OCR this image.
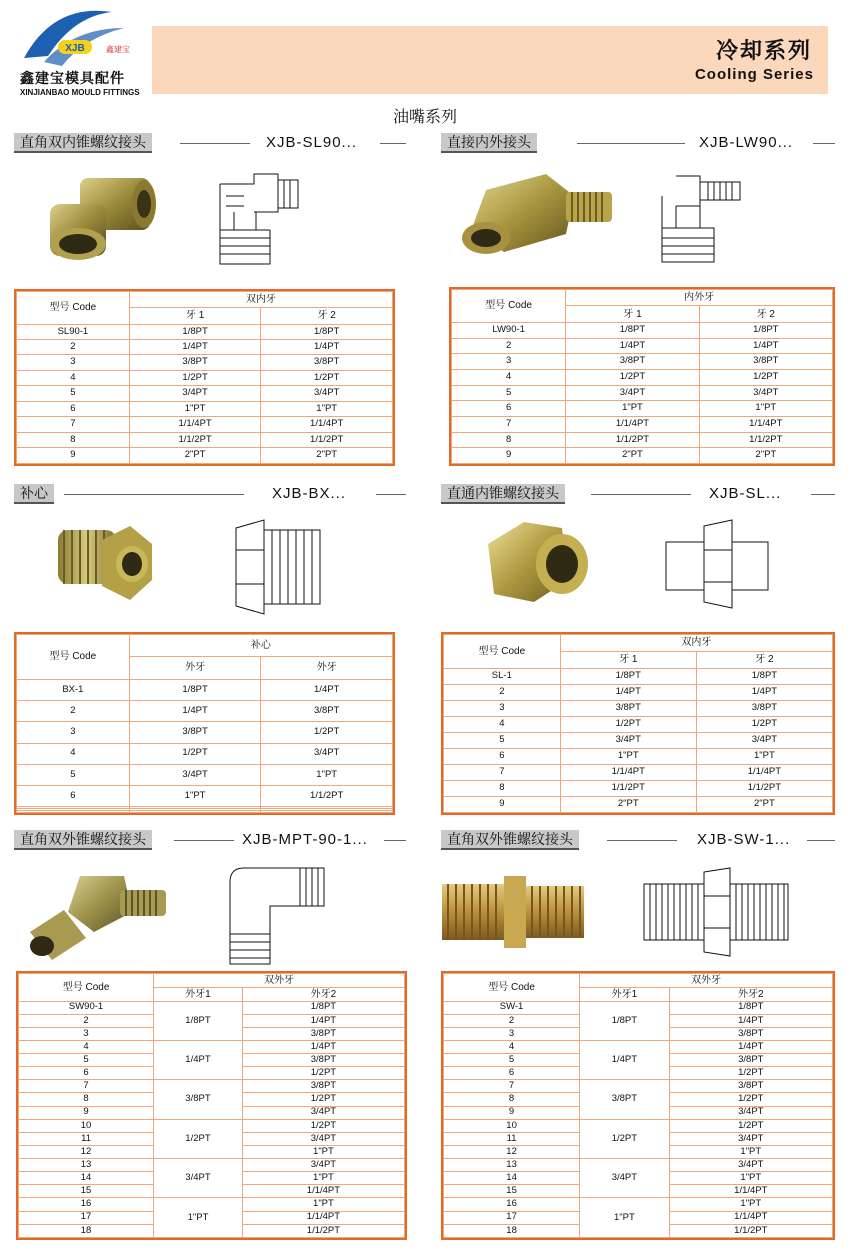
XJB	鑫建宝
鑫建宝模具配件
XINJIANBAO MOULD FITTINGS
冷却系列
Cooling Series
油嘴系列
直角双内锥螺纹接头	XJB-SL90...	直接内外接头	XJB-LW90...
补心	XJB-BX...	直通内锥螺纹接头	XJB-SL...
直角双外锥螺纹接头	XJB-MPT-90-1...	直角双外锥螺纹接头	XJB-SW-1...
型号 Code	双内牙	
	牙 1	牙 2
SL90-1	1/8PT	1/8PT
2	1/4PT	1/4PT
3	3/8PT	3/8PT
4	1/2PT	1/2PT
5	3/4PT	3/4PT
6	1"PT	1"PT
7	1/1/4PT	1/1/4PT
8	1/1/2PT	1/1/2PT
9	2"PT	2"PT
型号 Code	内外牙	
	牙 1	牙 2
LW90-1	1/8PT	1/8PT
2	1/4PT	1/4PT
3	3/8PT	3/8PT
4	1/2PT	1/2PT
5	3/4PT	3/4PT
6	1"PT	1"PT
7	1/1/4PT	1/1/4PT
8	1/1/2PT	1/1/2PT
9	2"PT	2"PT
型号 Code	补心	
	外牙	外牙
BX-1	1/8PT	1/4PT
2	1/4PT	3/8PT
3	3/8PT	1/2PT
4	1/2PT	3/4PT
5	3/4PT	1"PT
6	1"PT	1/1/2PT

型号 Code	双内牙	
	牙 1	牙 2
SL-1	1/8PT	1/8PT
2	1/4PT	1/4PT
3	3/8PT	3/8PT
4	1/2PT	1/2PT
5	3/4PT	3/4PT
6	1"PT	1"PT
7	1/1/4PT	1/1/4PT
8	1/1/2PT	1/1/2PT
9	2"PT	2"PT
型号 Code	双外牙	
	外牙1	外牙2
SW90-1	1/8PT	1/8PT
2		1/4PT
3		3/8PT
4	1/4PT	1/4PT
5		3/8PT
6		1/2PT
7	3/8PT	3/8PT
8		1/2PT
9		3/4PT
10	1/2PT	1/2PT
11		3/4PT
12		1"PT
13	3/4PT	3/4PT
14		1"PT
15		1/1/4PT
16	1"PT	1"PT
17		1/1/4PT
18		1/1/2PT
型号 Code	双外牙	
	外牙1	外牙2
SW-1	1/8PT	1/8PT
2		1/4PT
3		3/8PT
4	1/4PT	1/4PT
5		3/8PT
6		1/2PT
7	3/8PT	3/8PT
8		1/2PT
9		3/4PT
10	1/2PT	1/2PT
11		3/4PT
12		1"PT
13	3/4PT	3/4PT
14		1"PT
15		1/1/4PT
16	1"PT	1"PT
17		1/1/4PT
18		1/1/2PT
